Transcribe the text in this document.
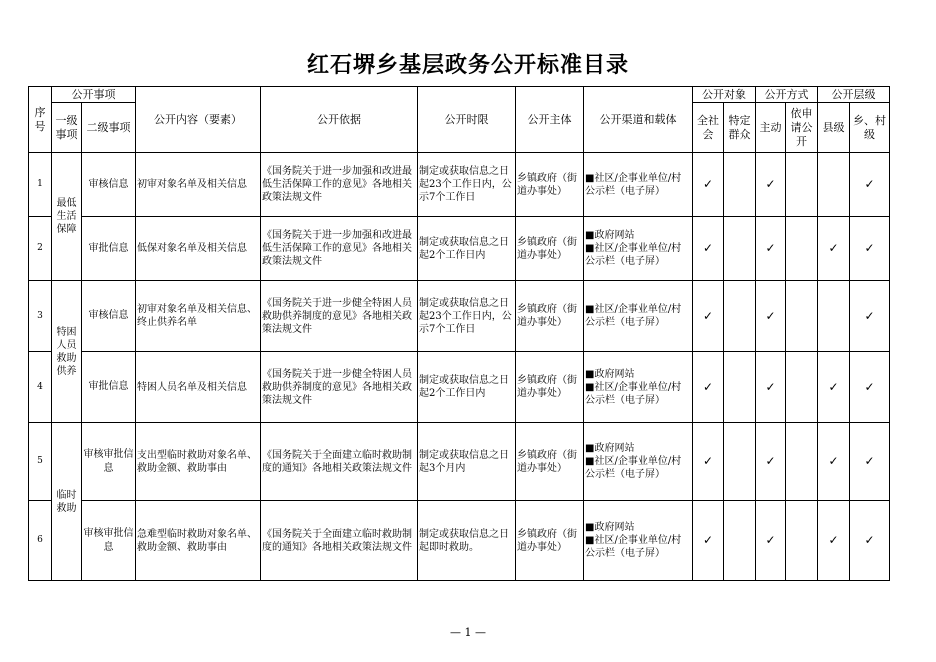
红石堺乡基层政务公开标准目录
序号	公开事项		公开内容（要素）	公开依据	公开时限	公开主体	公开渠道和载体	公开对象		公开方式		公开层级	
	一级事项	二级事项						全社会	特定群众	主动	依申请公开	县级	乡、村级
1	最低生活保障	审核信息	初审对象名单及相关信息	《国务院关于进一步加强和改进最低生活保障工作的意见》各地相关政策法规文件	制定或获取信息之日起23个工作日内，公示7个工作日	乡镇政府（街道办事处）	■社区/企事业单位/村公示栏（电子屏）	✓		✓			✓
2		审批信息	低保对象名单及相关信息	《国务院关于进一步加强和改进最低生活保障工作的意见》各地相关政策法规文件	制定或获取信息之日起2个工作日内	乡镇政府（街道办事处）	■政府网站
■社区/企事业单位/村公示栏（电子屏）	✓		✓		✓	✓
3	特困人员救助供养	审核信息	初审对象名单及相关信息、终止供养名单	《国务院关于进一步健全特困人员救助供养制度的意见》各地相关政策法规文件	制定或获取信息之日起23个工作日内，公示7个工作日	乡镇政府（街道办事处）	■社区/企事业单位/村公示栏（电子屏）	✓		✓			✓
4		审批信息	特困人员名单及相关信息	《国务院关于进一步健全特困人员救助供养制度的意见》各地相关政策法规文件	制定或获取信息之日起2个工作日内	乡镇政府（街道办事处）	■政府网站
■社区/企事业单位/村公示栏（电子屏）	✓		✓		✓	✓
5	临时救助	审核审批信息	支出型临时救助对象名单、救助金额、救助事由	《国务院关于全面建立临时救助制度的通知》各地相关政策法规文件	制定或获取信息之日起3个月内	乡镇政府（街道办事处）	■政府网站
■社区/企事业单位/村公示栏（电子屏）	✓		✓		✓	✓
6		审核审批信息	急难型临时救助对象名单、救助金额、救助事由	《国务院关于全面建立临时救助制度的通知》各地相关政策法规文件	制定或获取信息之日起即时救助。	乡镇政府（街道办事处）	■政府网站
■社区/企事业单位/村公示栏（电子屏）	✓		✓		✓	✓
— 1 —
